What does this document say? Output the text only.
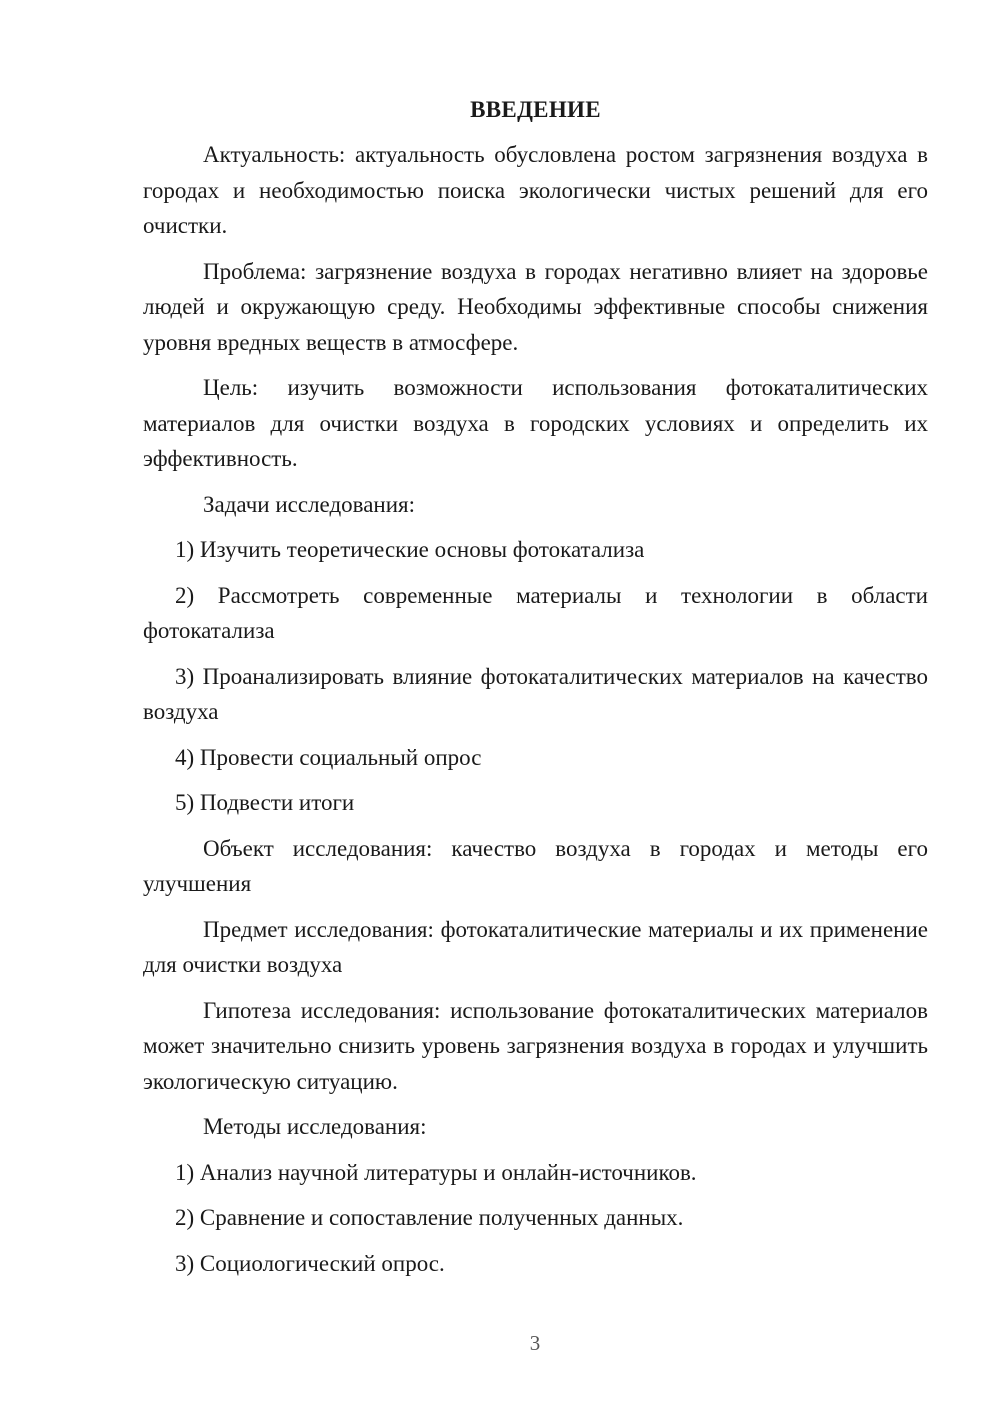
ВВЕДЕНИЕ

Актуальность: актуальность обусловлена ростом загрязнения воздуха в городах и необходимостью поиска экологически чистых решений для его очистки.

Проблема: загрязнение воздуха в городах негативно влияет на здоровье людей и окружающую среду. Необходимы эффективные способы снижения уровня вредных веществ в атмосфере.

Цель: изучить возможности использования фотокаталитических материалов для очистки воздуха в городских условиях и определить их эффективность.

Задачи исследования:

1) Изучить теоретические основы фотокатализа

2) Рассмотреть современные материалы и технологии в области фотокатализа

3) Проанализировать влияние фотокаталитических материалов на качество воздуха

4) Провести социальный опрос

5) Подвести итоги

Объект исследования: качество воздуха в городах и методы его улучшения

Предмет исследования: фотокаталитические материалы и их применение для очистки воздуха

Гипотеза исследования: использование фотокаталитических материалов может значительно снизить уровень загрязнения воздуха в городах и улучшить экологическую ситуацию.

Методы исследования:

1) Анализ научной литературы и онлайн-источников.

2) Сравнение и сопоставление полученных данных.

3) Социологический опрос.

3
